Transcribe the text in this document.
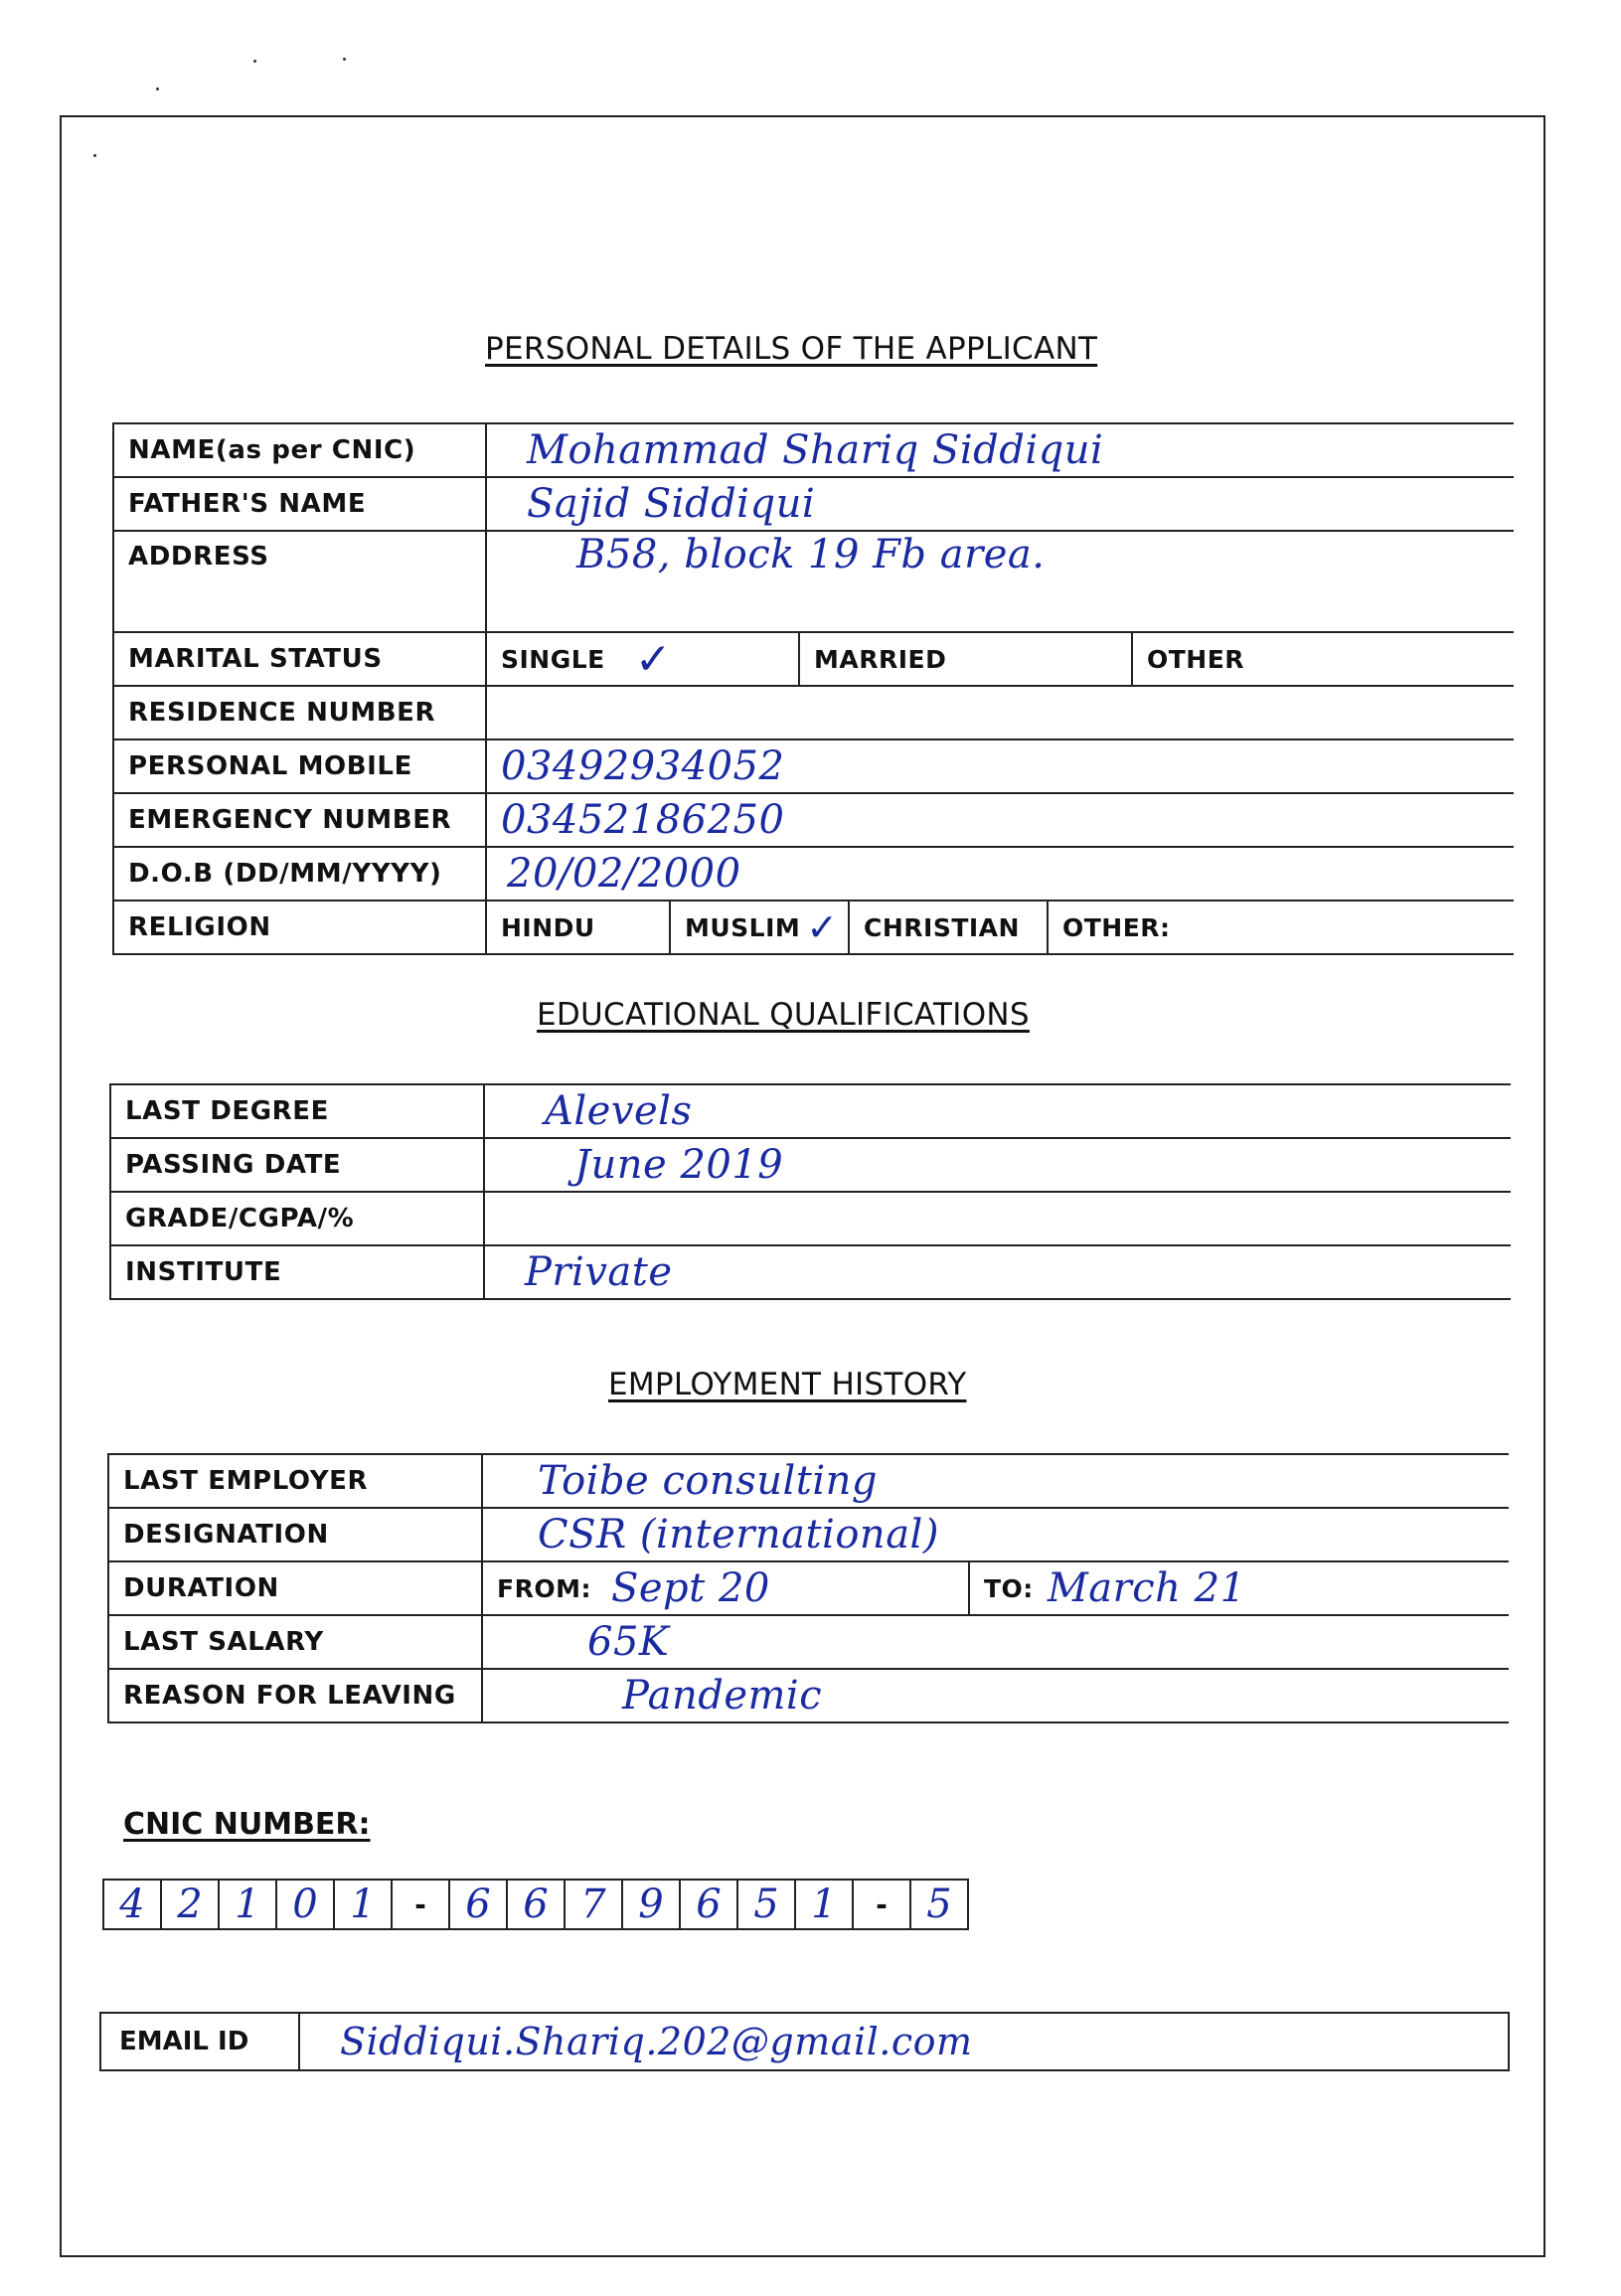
PERSONAL DETAILS OF THE APPLICANT
NAME(as per CNIC)	Mohammad Shariq Siddiqui

FATHER'S NAME	Sajid Siddiqui

ADDRESS	B58, block 19 Fb area.

MARITAL STATUS	SINGLE ✓ MARRIED OTHER

RESIDENCE NUMBER	

PERSONAL MOBILE	03492934052
EMERGENCY NUMBER	03452186250
D.O.B (DD/MM/YYYY)	20/02/2000
RELIGION	HINDU MUSLIM ✓ CHRISTIAN OTHER:
EDUCATIONAL QUALIFICATIONS
LAST DEGREE	Alevels

PASSING DATE	June 2019

GRADE/CGPA/%	

INSTITUTE	Private
EMPLOYMENT HISTORY
LAST EMPLOYER	Toibe consulting

DESIGNATION	CSR (international)

DURATION	FROM: Sept 20 TO: March 21

LAST SALARY	65K

REASON FOR LEAVING	Pandemic
CNIC NUMBER:
4 2 1 0 1	- 6 6 7 9 6 5 1	- 5
EMAIL ID	Siddiqui.Shariq.202@gmail.com
